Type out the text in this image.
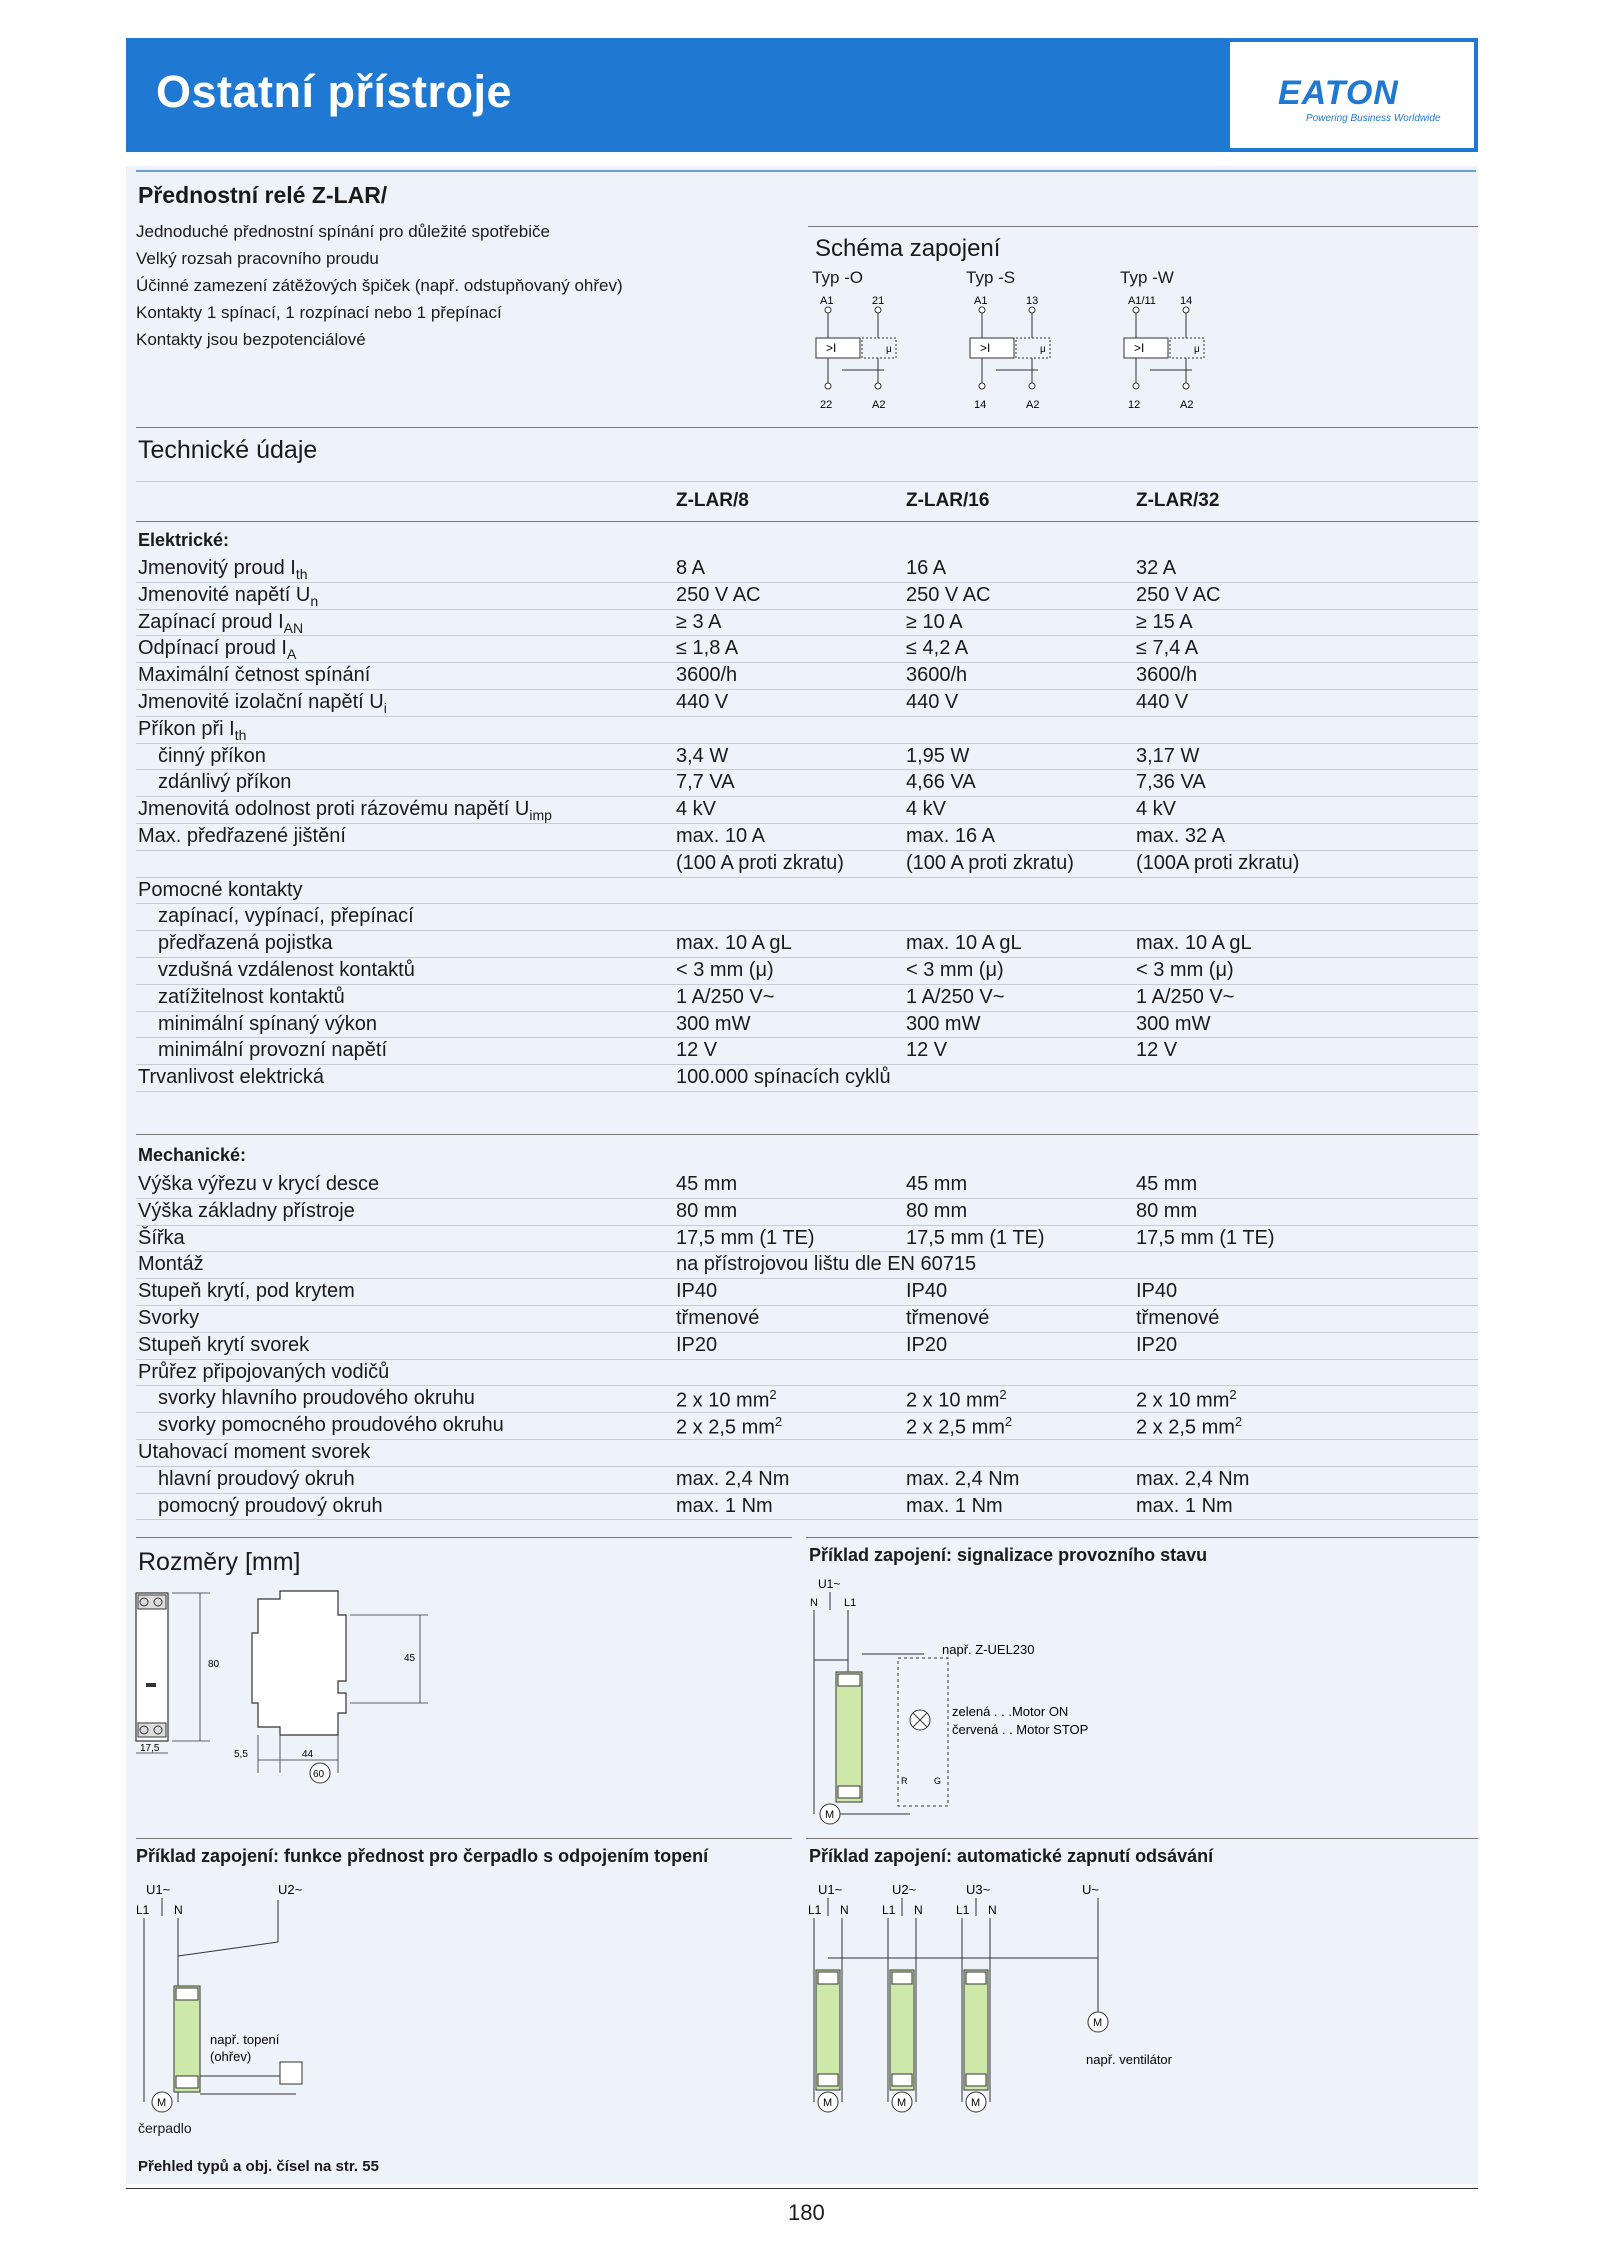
Ostatní přístroje	EATON
Powering Business Worldwide
Přednostní relé Z-LAR/
Jednoduché přednostní spínání pro důležité spotřebiče
Velký rozsah pracovního proudu
Účinné zamezení zátěžových špiček (např. odstupňovaný ohřev)
Kontakty 1 spínací, 1 rozpínací nebo 1 přepínací
Kontakty jsou bezpotenciálové
Schéma zapojení
Typ -O
A1	21
22	A2
>I	μ
Typ -S
A1	13
14	A2
>I	μ
Typ -W
A1/11 14
12	A2
>I	μ
Technické údaje
Z-LAR/8	Z-LAR/16	Z-LAR/32
Elektrické:
Jmenovitý proud $I_{th}$	8 A	16 A	32 A
Jmenovité napětí $U_n$	250 V AC	250 V AC	250 V AC
Zapínací proud $I_{AN}$	≥ 3 A	≥ 10 A	≥ 15 A
Odpínací proud $I_A$	≤ 1,8 A	≤ 4,2 A	≤ 7,4 A
Maximální četnost spínání	3600/h	3600/h	3600/h
Jmenovité izolační napětí $U_i$	440 V	440 V	440 V
Příkon při $I_{th}$
činný příkon	3,4 W	1,95 W	3,17 W
zdánlivý příkon	7,7 VA	4,66 VA	7,36 VA
Jmenovitá odolnost proti rázovému napětí $U_{imp}$	4 kV	4 kV	4 kV
Max. předřazené jištění	max. 10 A	max. 16 A	max. 32 A
(100 A proti zkratu)	(100 A proti zkratu)	(100A proti zkratu)
Pomocné kontakty
zapínací, vypínací, přepínací
předřazená pojistka	max. 10 A gL	max. 10 A gL	max. 10 A gL
vzdušná vzdálenost kontaktů	< 3 mm (μ)	< 3 mm (μ)	< 3 mm (μ)
zatížitelnost kontaktů	1 A/250 V~	1 A/250 V~	1 A/250 V~
minimální spínaný výkon	300 mW	300 mW	300 mW
minimální provozní napětí	12 V	12 V	12 V
Trvanlivost elektrická	100.000 spínacích cyklů
Mechanické:
Výška výřezu v krycí desce	45 mm	45 mm	45 mm
Výška základny přístroje	80 mm	80 mm	80 mm
Šířka	17,5 mm (1 TE)	17,5 mm (1 TE)	17,5 mm (1 TE)
Montáž	na přístrojovou lištu dle EN 60715
Stupeň krytí, pod krytem	IP40	IP40	IP40
Svorky	třmenové	třmenové	třmenové
Stupeň krytí svorek	IP20	IP20	IP20
Průřez připojovaných vodičů
svorky hlavního proudového okruhu	2 x 10 $mm^2$	2 x 10 $mm^2$	2 x 10 $mm^2$
svorky pomocného proudového okruhu	2 x 2,5 $mm^2$	2 x 2,5 $mm^2$	2 x 2,5 $mm^2$
Utahovací moment svorek
hlavní proudový okruh	max. 2,4 Nm	max. 2,4 Nm	max. 2,4 Nm
pomocný proudový okruh	max. 1 Nm	max. 1 Nm	max. 1 Nm
Rozměry [mm]
80
17,5
45
5,5	44
60
Příklad zapojení: signalizace provozního stavu
U1~
N L1
R	G
např. Z-UEL230
zelená . . .Motor ON
červená . . Motor STOP
M
Příklad zapojení: funkce přednost pro čerpadlo s odpojením topení
U1~	U2~
L1 N
např. topení
(ohřev)
M
čerpadlo
Příklad zapojení: automatické zapnutí odsávání
U1~
L1 N
M
U2~
L1 N
M
U3~
L1 N
M
U~
např. ventilátor
M
Přehled typů a obj. čísel na str. 55
180
